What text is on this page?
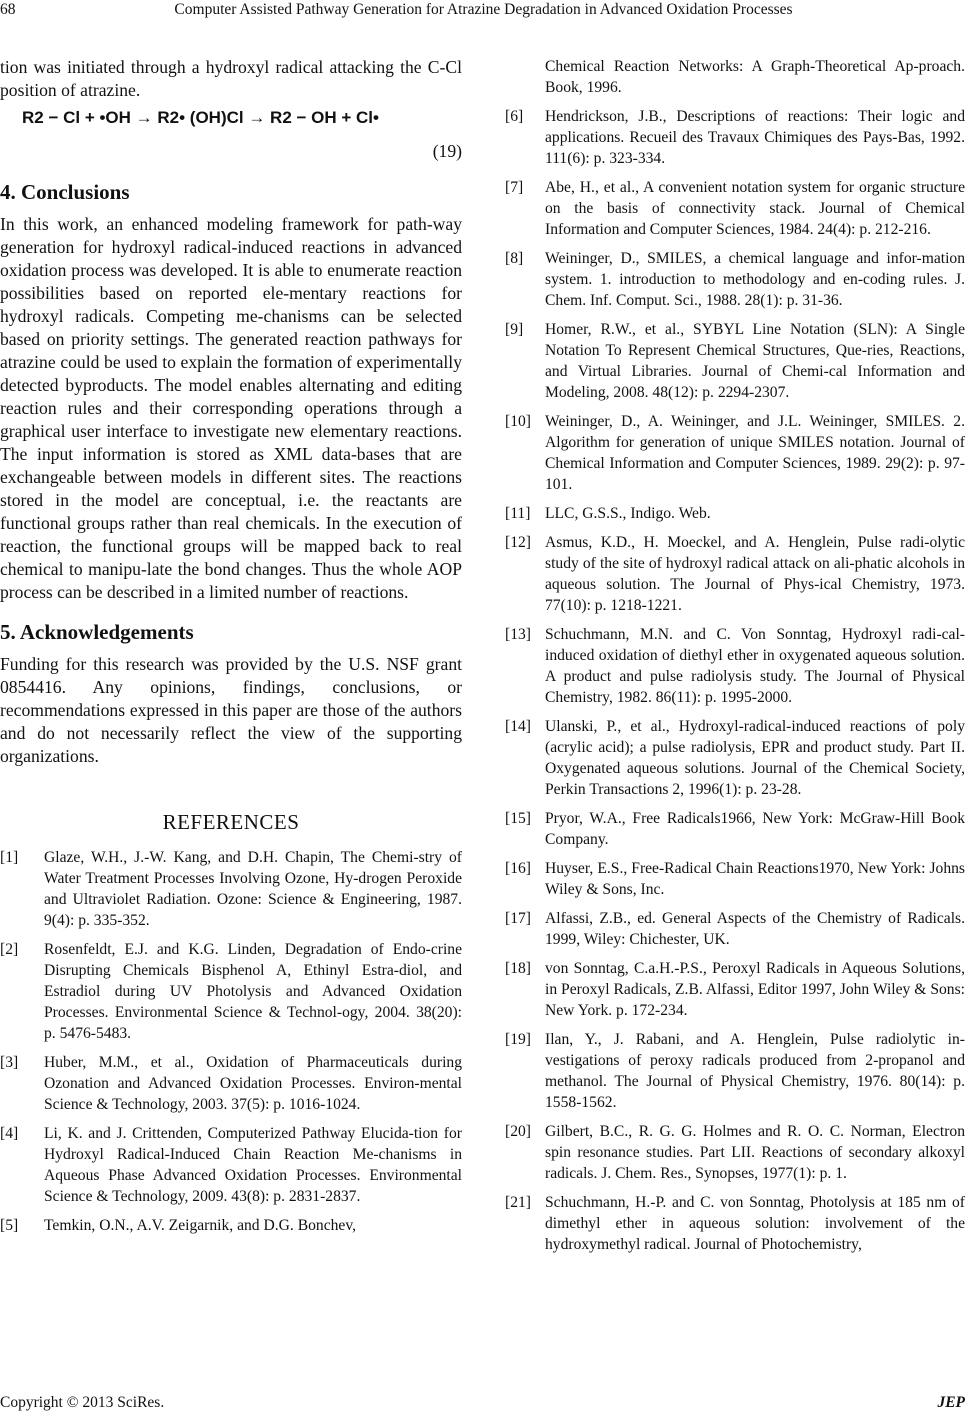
68	Computer Assisted Pathway Generation for Atrazine Degradation in Advanced Oxidation Processes

tion was initiated through a hydroxyl radical attacking the C-Cl position of atrazine.

R2 − Cl + •OH → R2• (OH)Cl → R2 − OH + Cl•
(19)
4. Conclusions

In this work, an enhanced modeling framework for path-way generation for hydroxyl radical-induced reactions in advanced oxidation process was developed. It is able to enumerate reaction possibilities based on reported ele-mentary reactions for hydroxyl radicals. Competing me-chanisms can be selected based on priority settings. The generated reaction pathways for atrazine could be used to explain the formation of experimentally detected byproducts. The model enables alternating and editing reaction rules and their corresponding operations through a graphical user interface to investigate new elementary reactions. The input information is stored as XML data-bases that are exchangeable between models in different sites. The reactions stored in the model are conceptual, i.e. the reactants are functional groups rather than real chemicals. In the execution of reaction, the functional groups will be mapped back to real chemical to manipu-late the bond changes. Thus the whole AOP process can be described in a limited number of reactions.

5. Acknowledgements

Funding for this research was provided by the U.S. NSF grant 0854416. Any opinions, findings, conclusions, or recommendations expressed in this paper are those of the authors and do not necessarily reflect the view of the supporting organizations.

REFERENCES

[1] Glaze, W.H., J.-W. Kang, and D.H. Chapin, The Chemi-stry of Water Treatment Processes Involving Ozone, Hy-drogen Peroxide and Ultraviolet Radiation. Ozone: Science & Engineering, 1987. 9(4): p. 335-352.

[2] Rosenfeldt, E.J. and K.G. Linden, Degradation of Endo-crine Disrupting Chemicals Bisphenol A, Ethinyl Estra-diol, and Estradiol during UV Photolysis and Advanced Oxidation Processes. Environmental Science & Technol-ogy, 2004. 38(20): p. 5476-5483.

[3] Huber, M.M., et al., Oxidation of Pharmaceuticals during Ozonation and Advanced Oxidation Processes. Environ-mental Science & Technology, 2003. 37(5): p. 1016-1024.

[4] Li, K. and J. Crittenden, Computerized Pathway Elucida-tion for Hydroxyl Radical-Induced Chain Reaction Me-chanisms in Aqueous Phase Advanced Oxidation Processes. Environmental Science & Technology, 2009. 43(8): p. 2831-2837.

[5] Temkin, O.N., A.V. Zeigarnik, and D.G. Bonchev,

Chemical Reaction Networks: A Graph-Theoretical Ap-proach. Book, 1996.

[6] Hendrickson, J.B., Descriptions of reactions: Their logic and applications. Recueil des Travaux Chimiques des Pays-Bas, 1992. 111(6): p. 323-334.

[7] Abe, H., et al., A convenient notation system for organic structure on the basis of connectivity stack. Journal of Chemical Information and Computer Sciences, 1984. 24(4): p. 212-216.

[8] Weininger, D., SMILES, a chemical language and infor-mation system. 1. introduction to methodology and en-coding rules. J. Chem. Inf. Comput. Sci., 1988. 28(1): p. 31-36.

[9] Homer, R.W., et al., SYBYL Line Notation (SLN): A Single Notation To Represent Chemical Structures, Que-ries, Reactions, and Virtual Libraries. Journal of Chemi-cal Information and Modeling, 2008. 48(12): p. 2294-2307.

[10] Weininger, D., A. Weininger, and J.L. Weininger, SMILES. 2. Algorithm for generation of unique SMILES notation. Journal of Chemical Information and Computer Sciences, 1989. 29(2): p. 97-101.

[11] LLC, G.S.S., Indigo. Web.

[12] Asmus, K.D., H. Moeckel, and A. Henglein, Pulse radi-olytic study of the site of hydroxyl radical attack on ali-phatic alcohols in aqueous solution. The Journal of Phys-ical Chemistry, 1973. 77(10): p. 1218-1221.

[13] Schuchmann, M.N. and C. Von Sonntag, Hydroxyl radi-cal-induced oxidation of diethyl ether in oxygenated aqueous solution. A product and pulse radiolysis study. The Journal of Physical Chemistry, 1982. 86(11): p. 1995-2000.

[14] Ulanski, P., et al., Hydroxyl-radical-induced reactions of poly (acrylic acid); a pulse radiolysis, EPR and product study. Part II. Oxygenated aqueous solutions. Journal of the Chemical Society, Perkin Transactions 2, 1996(1): p. 23-28.

[15] Pryor, W.A., Free Radicals1966, New York: McGraw-Hill Book Company.

[16] Huyser, E.S., Free-Radical Chain Reactions1970, New York: Johns Wiley & Sons, Inc.

[17] Alfassi, Z.B., ed. General Aspects of the Chemistry of Radicals. 1999, Wiley: Chichester, UK.

[18] von Sonntag, C.a.H.-P.S., Peroxyl Radicals in Aqueous Solutions, in Peroxyl Radicals, Z.B. Alfassi, Editor 1997, John Wiley & Sons: New York. p. 172-234.

[19] Ilan, Y., J. Rabani, and A. Henglein, Pulse radiolytic in-vestigations of peroxy radicals produced from 2-propanol and methanol. The Journal of Physical Chemistry, 1976. 80(14): p. 1558-1562.

[20] Gilbert, B.C., R. G. G. Holmes and R. O. C. Norman, Electron spin resonance studies. Part LII. Reactions of secondary alkoxyl radicals. J. Chem. Res., Synopses, 1977(1): p. 1.

[21] Schuchmann, H.-P. and C. von Sonntag, Photolysis at 185 nm of dimethyl ether in aqueous solution: involvement of the hydroxymethyl radical. Journal of Photochemistry,

Copyright © 2013 SciRes.	JEP
